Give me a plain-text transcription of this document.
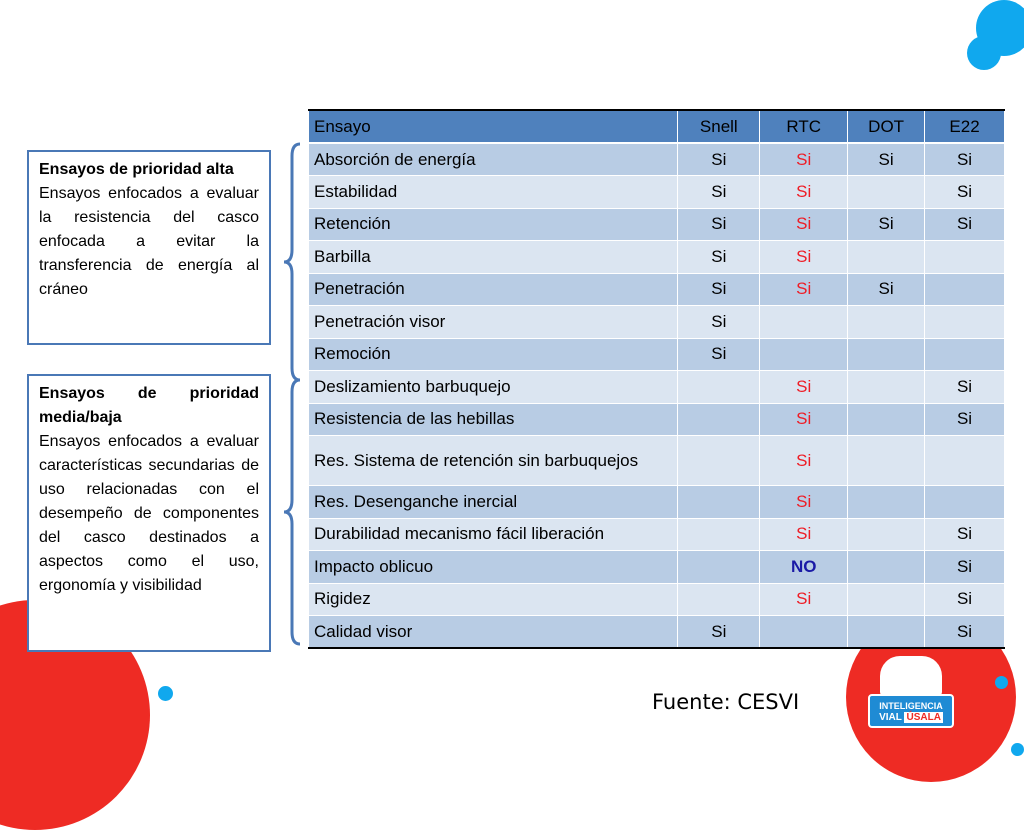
INTELIGENCIA
VIAL ÚSALA
Ensayos de prioridad alta
Ensayos enfocados a evaluar la resistencia del casco enfocada a evitar la transferencia de energía al cráneo
Ensayos de prioridad media/baja
Ensayos enfocados a evaluar características secundarias de uso relacionadas con el desempeño de componentes del casco destinados a aspectos como el uso, ergonomía y visibilidad
Ensayo	Snell	RTC	DOT	E22
Absorción de energía	Si	Si	Si	Si
Estabilidad	Si	Si		Si
Retención	Si	Si	Si	Si
Barbilla	Si	Si		
Penetración	Si	Si	Si	
Penetración visor	Si			
Remoción	Si			
Deslizamiento barbuquejo		Si		Si
Resistencia de las hebillas		Si		Si
Res. Sistema de retención sin barbuquejos		Si		
Res. Desenganche inercial		Si		
Durabilidad mecanismo fácil liberación		Si		Si
Impacto oblicuo		NO		Si
Rigidez		Si		Si
Calidad visor	Si			Si
Fuente: CESVI
